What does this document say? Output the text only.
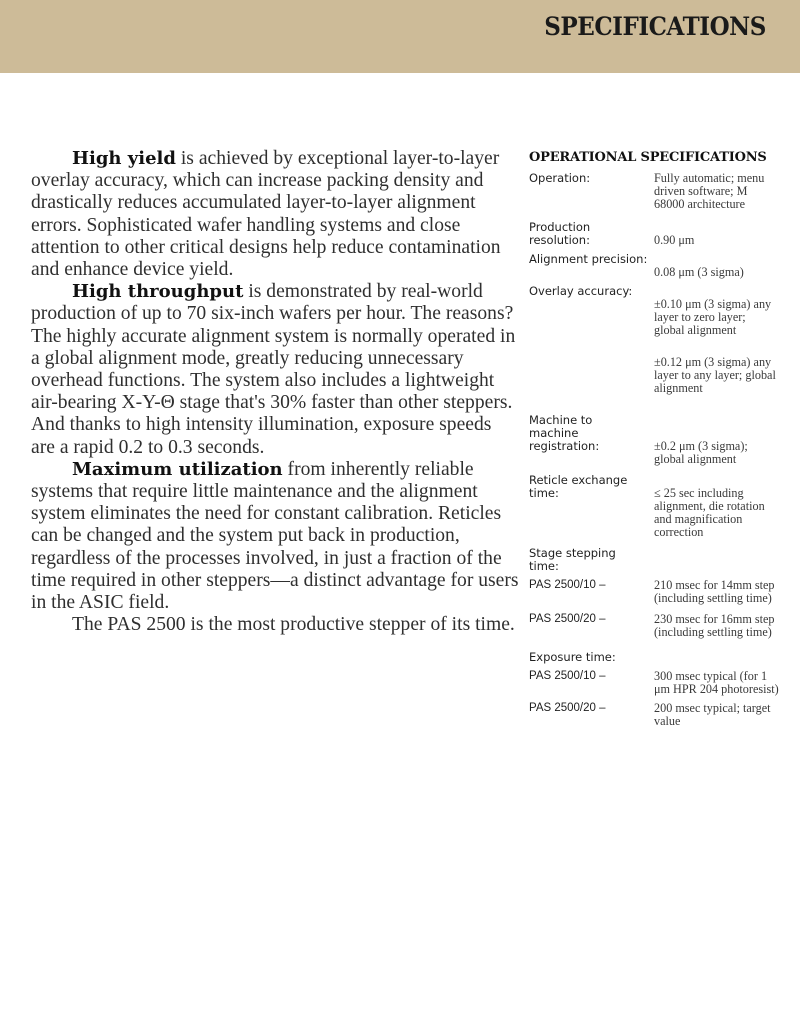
SPECIFICATIONS

High yield is achieved by exceptional layer-to-layer overlay accuracy, which can increase packing density and drastically reduces accumulated layer-to-layer alignment errors. Sophisticated wafer handling systems and close attention to other critical designs help reduce contamination and enhance device yield.

High throughput is demonstrated by real-world production of up to 70 six-inch wafers per hour. The reasons? The highly accurate alignment system is normally operated in a global alignment mode, greatly reducing unnecessary overhead functions. The system also includes a lightweight air-bearing X-Y-Θ stage that's 30% faster than other steppers. And thanks to high intensity illumination, exposure speeds are a rapid 0.2 to 0.3 seconds.

Maximum utilization from inherently reliable systems that require little maintenance and the alignment system eliminates the need for constant calibration. Reticles can be changed and the system put back in production, regardless of the processes involved, in just a fraction of the time required in other steppers—a distinct advantage for users in the ASIC field.

The PAS 2500 is the most productive stepper of its time.

OPERATIONAL SPECIFICATIONS
Operation:	Fully automatic; menu driven software; M 68000 architecture
Production resolution:	0.90 μm
Alignment precision:
0.08 μm (3 sigma)
Overlay accuracy:

±0.10 μm (3 sigma) any layer to zero layer; global alignment

±0.12 μm (3 sigma) any layer to any layer; global alignment

Machine to machine registration:	±0.2 μm (3 sigma); global alignment
Reticle exchange time:	≤ 25 sec including alignment, die rotation and magnification correction
Stage stepping time:
PAS 2500/10 –	210 msec for 14mm step (including settling time)
PAS 2500/20 –	230 msec for 16mm step (including settling time)
Exposure time:
PAS 2500/10 –	300 msec typical (for 1 μm HPR 204 photoresist)
PAS 2500/20 –	200 msec typical; target value
